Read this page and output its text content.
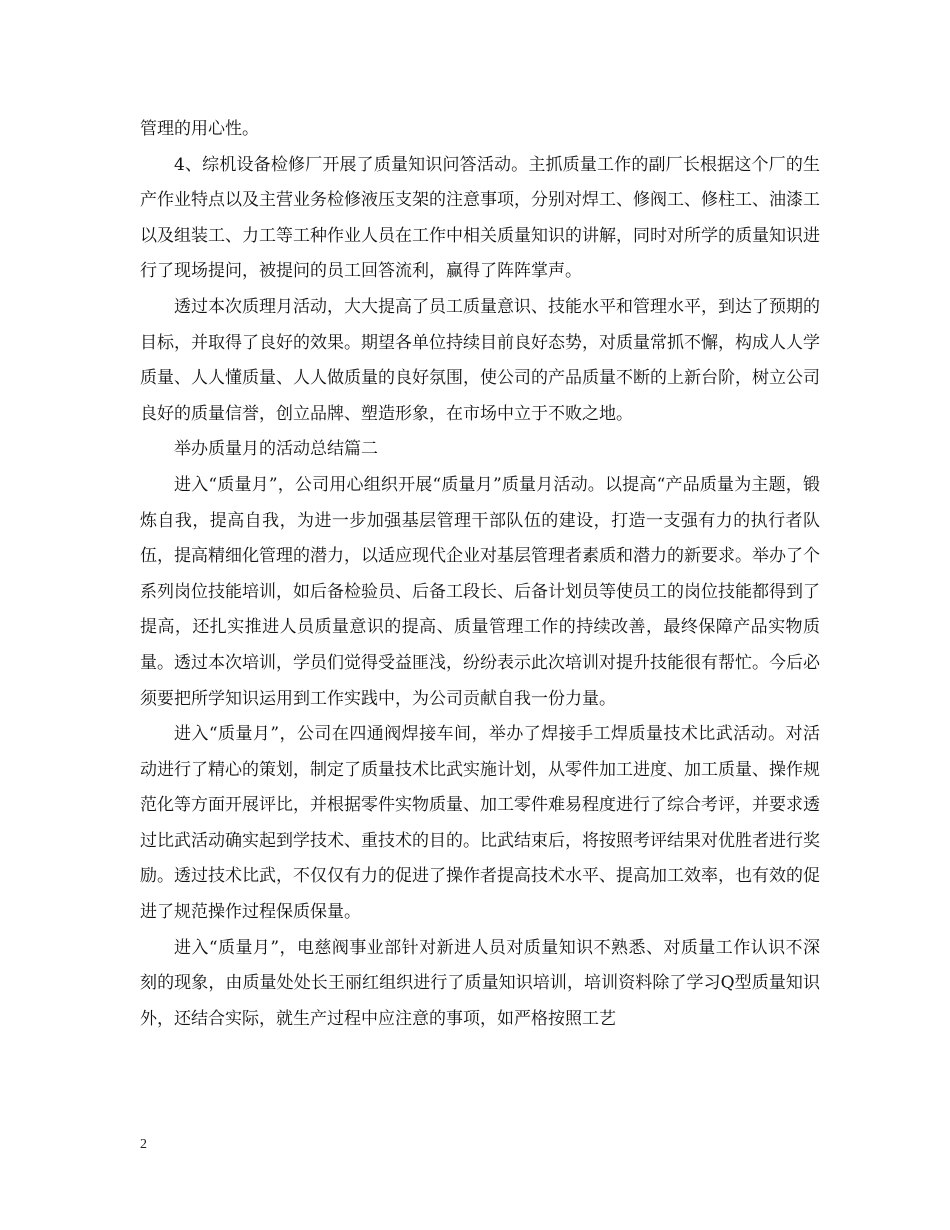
管理的用心性。

4、综机设备检修厂开展了质量知识问答活动。主抓质量工作的副厂长根据这个厂的生产作业特点以及主营业务检修液压支架的注意事项，分别对焊工、修阀工、修柱工、油漆工以及组装工、力工等工种作业人员在工作中相关质量知识的讲解，同时对所学的质量知识进行了现场提问，被提问的员工回答流利，赢得了阵阵掌声。

透过本次质理月活动，大大提高了员工质量意识、技能水平和管理水平，到达了预期的目标，并取得了良好的效果。期望各单位持续目前良好态势，对质量常抓不懈，构成人人学质量、人人懂质量、人人做质量的良好氛围，使公司的产品质量不断的上新台阶，树立公司良好的质量信誉，创立品牌、塑造形象，在市场中立于不败之地。

举办质量月的活动总结篇二

进入“质量月”，公司用心组织开展“质量月”质量月活动。以提高“产品质量为主题，锻炼自我，提高自我，为进一步加强基层管理干部队伍的建设，打造一支强有力的执行者队伍，提高精细化管理的潜力，以适应现代企业对基层管理者素质和潜力的新要求。举办了个系列岗位技能培训，如后备检验员、后备工段长、后备计划员等使员工的岗位技能都得到了提高，还扎实推进人员质量意识的提高、质量管理工作的持续改善，最终保障产品实物质量。透过本次培训，学员们觉得受益匪浅，纷纷表示此次培训对提升技能很有帮忙。今后必须要把所学知识运用到工作实践中，为公司贡献自我一份力量。

进入“质量月”，公司在四通阀焊接车间，举办了焊接手工焊质量技术比武活动。对活动进行了精心的策划，制定了质量技术比武实施计划，从零件加工进度、加工质量、操作规范化等方面开展评比，并根据零件实物质量、加工零件难易程度进行了综合考评，并要求透过比武活动确实起到学技术、重技术的目的。比武结束后，将按照考评结果对优胜者进行奖励。透过技术比武，不仅仅有力的促进了操作者提高技术水平、提高加工效率，也有效的促进了规范操作过程保质保量。

进入“质量月”，电慈阀事业部针对新进人员对质量知识不熟悉、对质量工作认识不深刻的现象，由质量处处长王丽红组织进行了质量知识培训，培训资料除了学习Q型质量知识外，还结合实际，就生产过程中应注意的事项，如严格按照工艺

2
